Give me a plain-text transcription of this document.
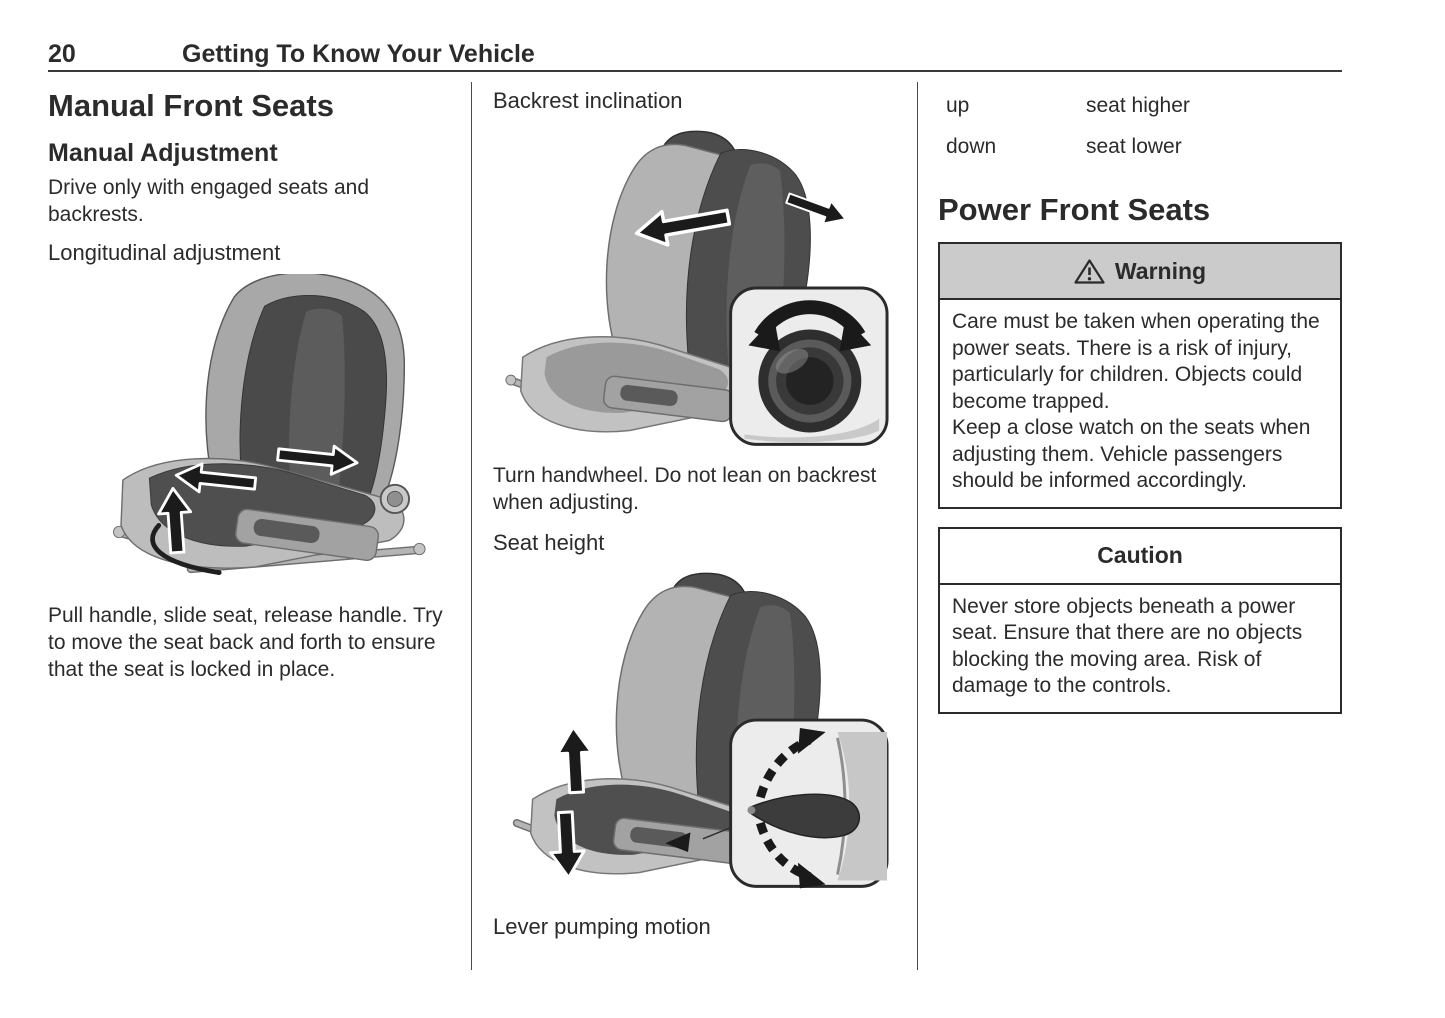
20	Getting To Know Your Vehicle
Manual Front Seats
Manual Adjustment

Drive only with engaged seats and backrests.

Longitudinal adjustment

Pull handle, slide seat, release handle. Try to move the seat back and forth to ensure that the seat is locked in place.

Backrest inclination

Turn handwheel. Do not lean on backrest when adjusting.

Seat height
Lever pumping motion
up	seat higher
down	seat lower
Power Front Seats
Warning

Care must be taken when operating the power seats. There is a risk of injury, particularly for children. Objects could become trapped.

Keep a close watch on the seats when adjusting them. Vehicle passengers should be informed accordingly.

Caution

Never store objects beneath a power seat. Ensure that there are no objects blocking the moving area. Risk of damage to the controls.
